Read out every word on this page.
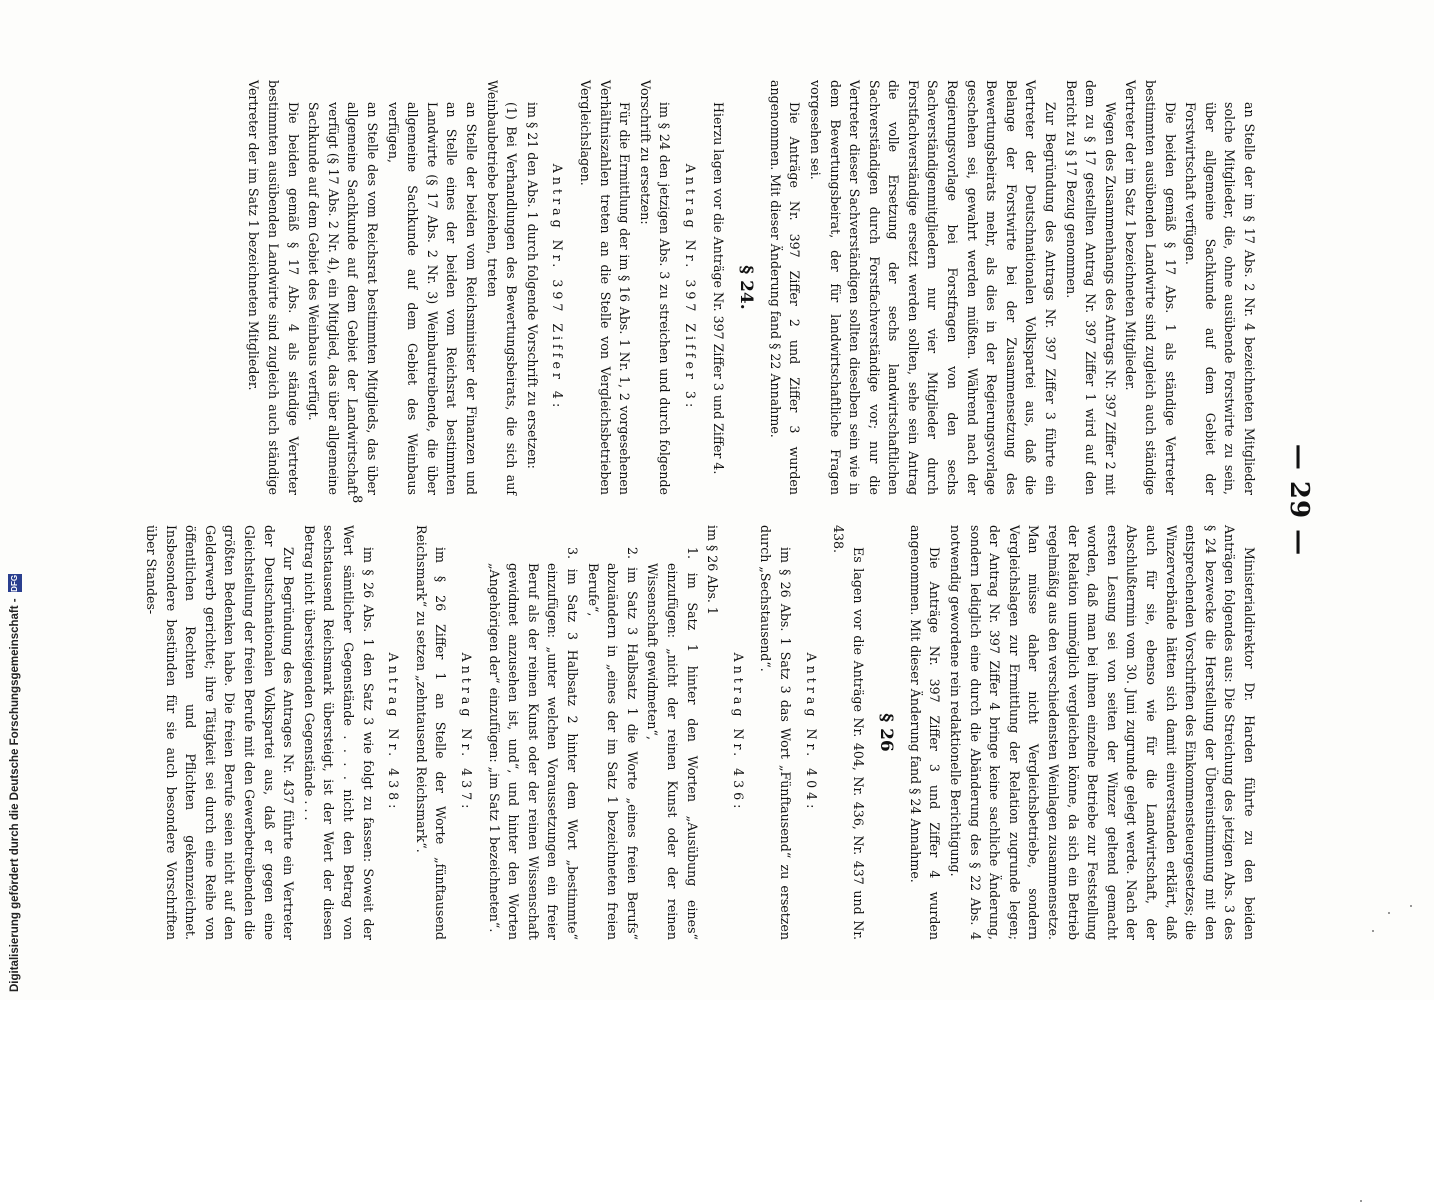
— 29 —

Ministerialdirektor Dr. Harden führte zu den beiden Anträgen folgendes aus: Die Streichung des jetzigen Abs. 3 des § 24 bezwecke die Herstellung der Übereinstimmung mit den entsprechenden Vorschriften des Einkommensteuergesetzes; die Winzerverbände hätten sich damit einverstanden erklärt, daß auch für sie, ebenso wie für die Landwirtschaft, der Abschlußtermin vom 30. Juni zugrunde gelegt werde. Nach der ersten Lesung sei von seiten der Winzer geltend gemacht worden, daß man bei ihnen einzelne Betriebe zur Feststellung der Relation unmöglich vergleichen könne, da sich ein Betrieb regelmäßig aus den verschiedensten Weinlagen zusammensetze. Man müsse daher nicht Vergleichsbetriebe, sondern Vergleichslagen zur Ermittlung der Relation zugrunde legen; der Antrag Nr. 397 Ziffer 4 bringe keine sachliche Änderung, sondern lediglich eine durch die Abänderung des § 22 Abs. 4 notwendig gewordene rein redaktionelle Berichtigung.

Die Anträge Nr. 397 Ziffer 3 und Ziffer 4 wurden angenommen. Mit dieser Änderung fand § 24 Annahme.

§ 26

Es lagen vor die Anträge Nr. 404, Nr. 436, Nr. 437 und Nr. 438.

Antrag Nr. 404:

im § 26 Abs. 1 Satz 3 das Wort „Fünftausend“ zu ersetzen durch „Sechstausend“.

Antrag Nr. 436:

im § 26 Abs. 1

1. im Satz 1 hinter den Worten „Ausübung eines“ einzufügen: „nicht der reinen Kunst oder der reinen Wissenschaft gewidmeten“,

2. im Satz 3 Halbsatz 1 die Worte „eines freien Berufs“ abzuändern in „eines der im Satz 1 bezeichneten freien Berufe“,

3. im Satz 3 Halbsatz 2 hinter dem Wort „bestimmte“ einzufügen: „unter welchen Voraussetzungen ein freier Beruf als der reinen Kunst oder der reinen Wissenschaft gewidmet anzusehen ist, und“, und hinter den Worten „Angehörigen der“ einzufügen: „im Satz 1 bezeichneten“.

Antrag Nr. 437:

im § 26 Ziffer 1 an Stelle der Worte „fünftausend Reichsmark“ zu setzen „zehntausend Reichsmark“.

Antrag Nr. 438:

im § 26 Abs. 1 den Satz 3 wie folgt zu fassen: Soweit der Wert sämtlicher Gegenstände . . . . nicht den Betrag von sechstausend Reichsmark übersteigt, ist der Wert der diesen Betrag nicht übersteigenden Gegenstände . . .

Zur Begründung des Antrages Nr. 437 führte ein Vertreter der Deutschnationalen Volkspartei aus, daß er gegen eine Gleichstellung der freien Berufe mit den Gewerbetreibenden die größten Bedenken habe. Die freien Berufe seien nicht auf den Gelderwerb gerichtet; ihre Tätigkeit sei durch eine Reihe von öffentlichen Rechten und Pflichten gekennzeichnet. Insbesondere bestünden für sie auch besondere Vorschriften über Standes-

an Stelle der im § 17 Abs. 2 Nr. 4 bezeichneten Mitglieder solche Mitglieder, die, ohne ausübende Forstwirte zu sein, über allgemeine Sachkunde auf dem Gebiet der Forstwirtschaft verfügen.

Die beiden gemäß § 17 Abs. 1 als ständige Vertreter bestimmten ausübenden Landwirte sind zugleich auch ständige Vertreter der im Satz 1 bezeichneten Mitglieder.

Wegen des Zusammenhangs des Antrags Nr. 397 Ziffer 2 mit dem zu § 17 gestellten Antrag Nr. 397 Ziffer 1 wird auf den Bericht zu § 17 Bezug genommen.

Zur Begründung des Antrags Nr. 397 Ziffer 3 führte ein Vertreter der Deutschnationalen Volkspartei aus, daß die Belange der Forstwirte bei der Zusammensetzung des Bewertungsbeirats mehr, als dies in der Regierungsvorlage geschehen sei, gewahrt werden müßten. Während nach der Regierungsvorlage bei Forstfragen von den sechs Sachverständigenmitgliedern nur vier Mitglieder durch Forstfachverständige ersetzt werden sollten, sehe sein Antrag die volle Ersetzung der sechs landwirtschaftlichen Sachverständigen durch Forstfachverständige vor; nur die Vertreter dieser Sachverständigen sollten dieselben sein wie in dem Bewertungsbeirat, der für landwirtschaftliche Fragen vorgesehen sei.

Die Anträge Nr. 397 Ziffer 2 und Ziffer 3 wurden angenommen. Mit dieser Änderung fand § 22 Annahme.

§ 24.

Hierzu lagen vor die Anträge Nr. 397 Ziffer 3 und Ziffer 4.

Antrag Nr. 397 Ziffer 3:

im § 24 den jetzigen Abs. 3 zu streichen und durch folgende Vorschrift zu ersetzen:

Für die Ermittlung der im § 16 Abs. 1 Nr. 1, 2 vorgesehenen Verhältniszahlen treten an die Stelle von Vergleichsbetrieben Vergleichslagen.

Antrag Nr. 397 Ziffer 4:

im § 21 den Abs. 1 durch folgende Vorschrift zu ersetzen:

(1) Bei Verhandlungen des Bewertungsbeirats, die sich auf Weinbaubetriebe beziehen, treten

an Stelle der beiden vom Reichsminister der Finanzen und an Stelle eines der beiden vom Reichsrat bestimmten Landwirte (§ 17 Abs. 2 Nr. 3) Weinbautreibende, die über allgemeine Sachkunde auf dem Gebiet des Weinbaus verfügen,

an Stelle des vom Reichsrat bestimmten Mitglieds, das über allgemeine Sachkunde auf dem Gebiet der Landwirtschaft verfügt (§ 17 Abs. 2 Nr. 4), ein Mitglied, das über allgemeine Sachkunde auf dem Gebiet des Weinbaus verfügt.

Die beiden gemäß § 17 Abs. 4 als ständige Vertreter bestimmten ausübenden Landwirte sind zugleich auch ständige Vertreter der im Satz 1 bezeichneten Mitglieder.

8
Digitalisierung gefördert durch die Deutsche Forschungsgemeinschaft -
DFG
